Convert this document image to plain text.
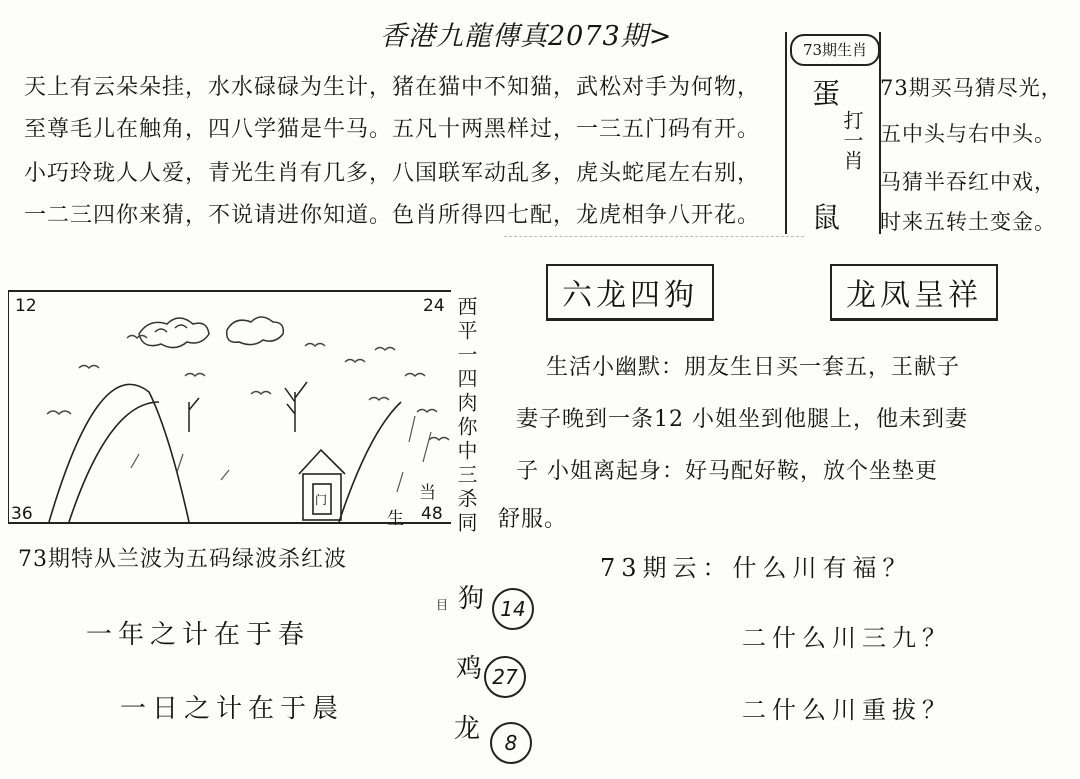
香港九龍傳真2073期>
天上有云朵朵挂，水水碌碌为生计，猪在猫中不知猫，武松对手为何物，
至尊毛儿在触角，四八学猫是牛马。五凡十两黑样过，一三五门码有开。
小巧玲珑人人爱，青光生肖有几多，八国联军动乱多，虎头蛇尾左右别，
一二三四你来猜，不说请进你知道。色肖所得四七配，龙虎相争八开花。
73期生肖
蛋
打一肖
鼠
73期买马猜尽光，
五中头与右中头。
马猜半吞红中戏，
时来五转土变金。
六龙四狗	龙凤呈祥
生活小幽默：朋友生日买一套五，王献子
妻子晚到一条12 小姐坐到他腿上，他未到妻
子 小姐离起身：好马配好鞍，放个坐垫更
舒服。
门
12	24
36	48
生
当 西平一四肉你中三杀同
73期特从兰波为五码绿波杀红波
一年之计在于春
一日之计在于晨
目 狗 14
鸡 27
龙	8
73期云：什么川有福？
二什么川三九？
二什么川重拔？
